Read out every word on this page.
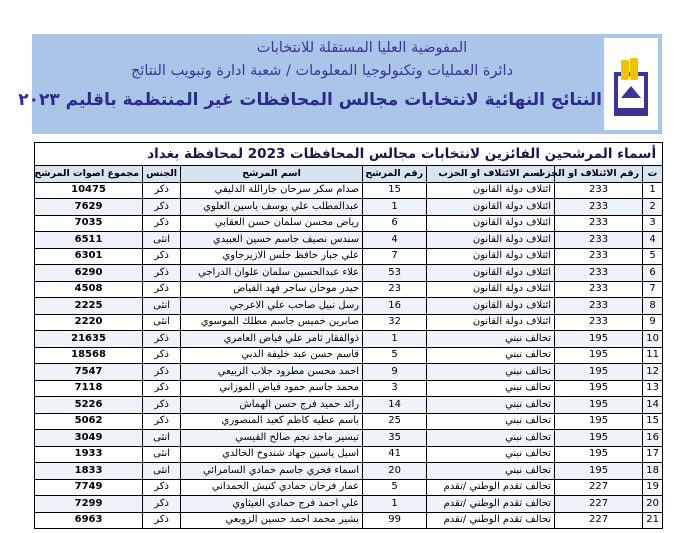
المفوضية العليا المستقلة للانتخابات
دائرة العمليات وتكنولوجيا المعلومات / شعبة ادارة وتبويب النتائج
النتائج النهائية لانتخابات مجالس المحافظات غير المنتظمة باقليم ٢٠٢٣
أسماء المرشحين الفائزين لانتخابات مجالس المحافظات 2023 لمحافظة بغداد						
ت	رقم الائتلاف او الحزب	اسم الائتلاف او الحزب	رقم المرشح	اسم المرشح	الجنس	مجموع اصوات المرشح
1	233	ائتلاف دولة القانون	15	صدام سكر سرحان جاراللة الدليفي	ذكر	10475
2	233	ائتلاف دولة القانون	1	عبدالمطلب علي يوسف ياسين العلوي	ذكر	7629
3	233	ائتلاف دولة القانون	6	رياض محسن سلمان حسن العقابي	ذكر	7035
4	233	ائتلاف دولة القانون	4	سندس نصيف جاسم حسين العبيدي	انثى	6511
5	233	ائتلاف دولة القانون	7	علي جبار حافظ جلس الازيرجاوي	ذكر	6301
6	233	ائتلاف دولة القانون	53	علاء عبدالحسين سلمان علوان الدراجي	ذكر	6290
7	233	ائتلاف دولة القانون	23	حيدر موحان ساجر فهد الفياض	ذكر	4508
8	233	ائتلاف دولة القانون	16	رسل نبيل صاحب علي الاعرجي	انثى	2225
9	233	ائتلاف دولة القانون	32	صابرين خميس جاسم مطلك الموسوي	انثى	2220
10	195	تحالف نبني	1	ذوالفقار ثامر علي فياض العامري	ذكر	21635
11	195	تحالف نبني	5	قاسم حسن عبد خليفة الدبي	ذكر	18568
12	195	تحالف نبني	9	احمد محسن مطرود جلاب الربيعي	ذكر	7547
13	195	تحالف نبني	3	محمد جاسم حمود فياض الموزاني	ذكر	7118
14	195	تحالف نبني	14	رائد حميد فرج حسن الهماش	ذكر	5226
15	195	تحالف نبني	25	باسم عطيه كاظم كعيد المنصوري	ذكر	5062
16	195	تحالف نبني	35	تيسير ماجد نجم صالح القيسي	انثى	3049
17	195	تحالف نبني	41	اسيل ياسين جهاد شندوخ الخالدي	انثى	1933
18	195	تحالف نبني	20	اسماء فخري جاسم حمادي السامرائي	انثى	1833
19	227	تحالف تقدم الوطني /تقدم	5	عمار فرحان حمادي كنيش الحمداني	ذكر	7749
20	227	تحالف تقدم الوطني /تقدم	1	علي احمد فرج حمادي العيثاوي	ذكر	7299
21	227	تحالف تقدم الوطني /تقدم	99	بشير محمد احمد حسين الزوبعي	ذكر	6963
